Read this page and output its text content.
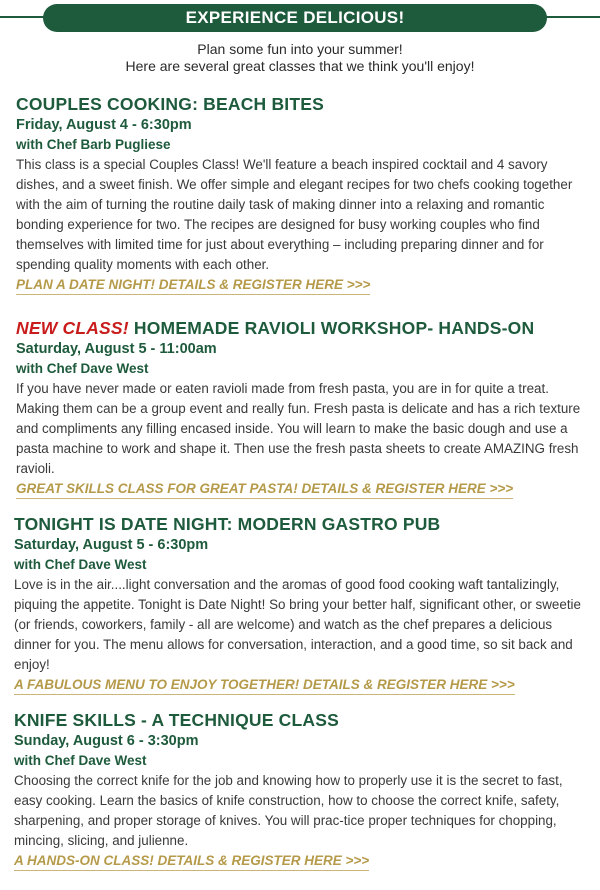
EXPERIENCE DELICIOUS!
Plan some fun into your summer!
Here are several great classes that we think you'll enjoy!
COUPLES COOKING: BEACH BITES
Friday, August 4 - 6:30pm
with Chef Barb Pugliese

This class is a special Couples Class! We'll feature a beach inspired cocktail and 4 savory dishes, and a sweet finish. We offer simple and elegant recipes for two chefs cooking together with the aim of turning the routine daily task of making dinner into a relaxing and romantic bonding experience for two. The recipes are designed for busy working couples who find themselves with limited time for just about everything – including preparing dinner and for spending quality moments with each other.

PLAN A DATE NIGHT! DETAILS & REGISTER HERE >>>
NEW CLASS! HOMEMADE RAVIOLI WORKSHOP- HANDS-ON
Saturday, August 5 - 11:00am
with Chef Dave West

If you have never made or eaten ravioli made from fresh pasta, you are in for quite a treat. Making them can be a group event and really fun. Fresh pasta is delicate and has a rich texture and compliments any filling encased inside. You will learn to make the basic dough and use a pasta machine to work and shape it. Then use the fresh pasta sheets to create AMAZING fresh ravioli.

GREAT SKILLS CLASS FOR GREAT PASTA! DETAILS & REGISTER HERE >>>
TONIGHT IS DATE NIGHT: MODERN GASTRO PUB
Saturday, August 5 - 6:30pm
with Chef Dave West

Love is in the air....light conversation and the aromas of good food cooking waft tantalizingly, piquing the appetite. Tonight is Date Night! So bring your better half, significant other, or sweetie (or friends, coworkers, family - all are welcome) and watch as the chef prepares a delicious dinner for you. The menu allows for conversation, interaction, and a good time, so sit back and enjoy!

A FABULOUS MENU TO ENJOY TOGETHER! DETAILS & REGISTER HERE >>>
KNIFE SKILLS - A TECHNIQUE CLASS
Sunday, August 6 - 3:30pm
with Chef Dave West

Choosing the correct knife for the job and knowing how to properly use it is the secret to fast, easy cooking. Learn the basics of knife construction, how to choose the correct knife, safety, sharpening, and proper storage of knives. You will prac-tice proper techniques for chopping, mincing, slicing, and julienne.

A HANDS-ON CLASS! DETAILS & REGISTER HERE >>>
